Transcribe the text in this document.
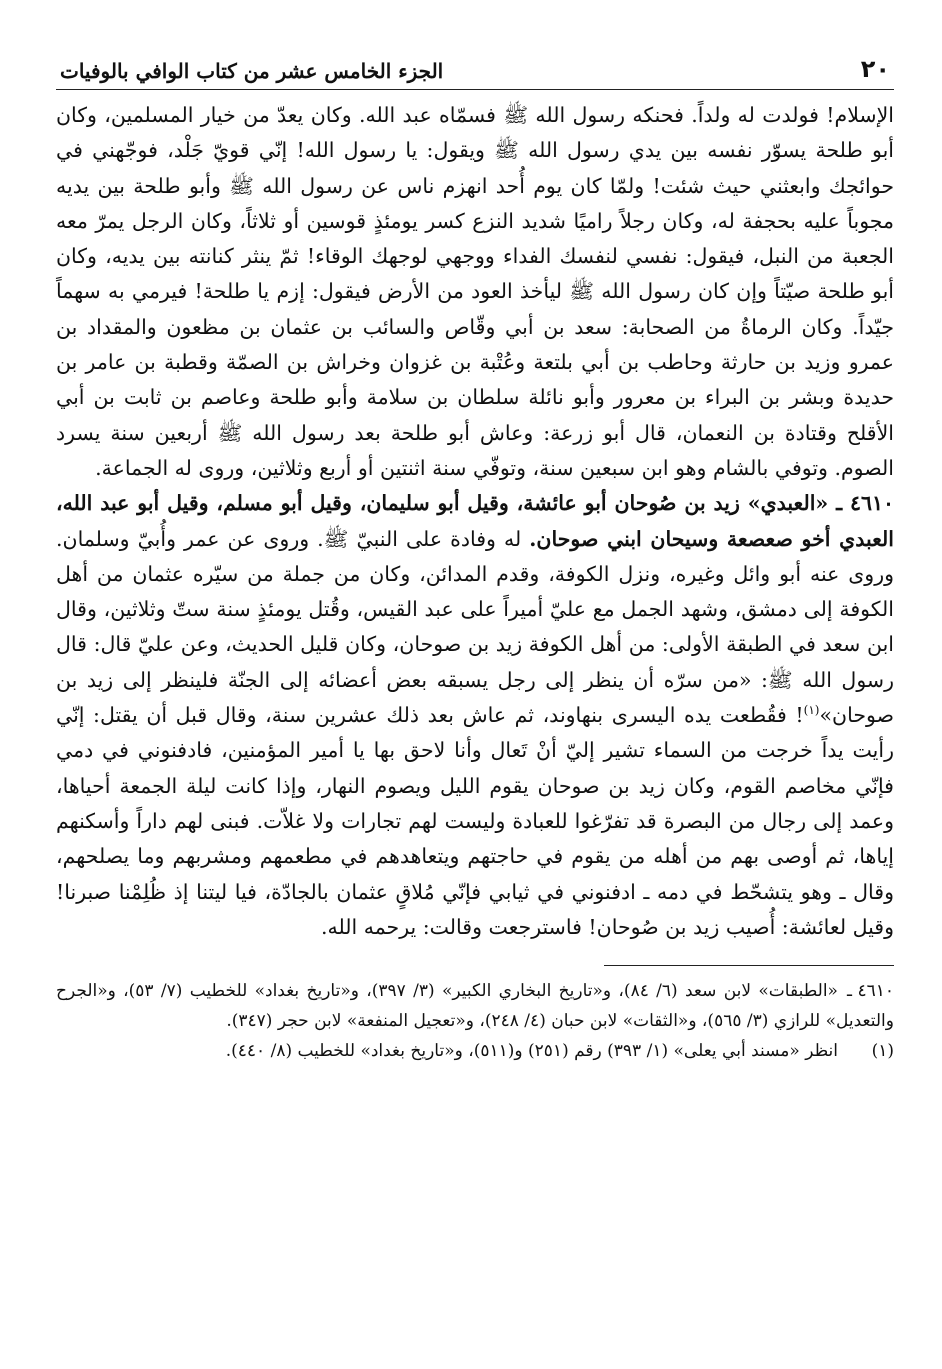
٢٠
الجزء الخامس عشر من كتاب الوافي بالوفيات

الإسلام! فولدت له ولداً. فحنكه رسول الله ﷺ فسمّاه عبد الله. وكان يعدّ من خيار المسلمين، وكان أبو طلحة يسوّر نفسه بين يدي رسول الله ﷺ ويقول: يا رسول الله! إنّي قويّ جَلْد، فوجّهني في حوائجك وابعثني حيث شئت! ولمّا كان يوم أُحد انهزم ناس عن رسول الله ﷺ وأبو طلحة بين يديه مجوباً عليه بحجفة له، وكان رجلاً راميًا شديد النزع كسر يومئذٍ قوسين أو ثلاثاً، وكان الرجل يمرّ معه الجعبة من النبل، فيقول: نفسي لنفسك الفداء ووجهي لوجهك الوقاء! ثمّ ينثر كنانته بين يديه، وكان أبو طلحة صيّتاً وإن كان رسول الله ﷺ ليأخذ العود من الأرض فيقول: إزم يا طلحة! فيرمي به سهماً جيّداً. وكان الرماةُ من الصحابة: سعد بن أبي وقّاص والسائب بن عثمان بن مظعون والمقداد بن عمرو وزيد بن حارثة وحاطب بن أبي بلتعة وعُتْبة بن غزوان وخراش بن الصمّة وقطبة بن عامر بن حديدة وبشر بن البراء بن معرور وأبو نائلة سلطان بن سلامة وأبو طلحة وعاصم بن ثابت بن أبي الأقلح وقتادة بن النعمان، قال أبو زرعة: وعاش أبو طلحة بعد رسول الله ﷺ أربعين سنة يسرد الصوم. وتوفي بالشام وهو ابن سبعين سنة، وتوفّي سنة اثنتين أو أربع وثلاثين، وروى له الجماعة.

٤٦١٠ ـ «العبدي» زيد بن صُوحان أبو عائشة، وقيل أبو سليمان، وقيل أبو مسلم، وقيل أبو عبد الله، العبدي أخو صعصعة وسيحان ابني صوحان. له وفادة على النبيّ ﷺ. وروى عن عمر وأُبيّ وسلمان. وروى عنه أبو وائل وغيره، ونزل الكوفة، وقدم المدائن، وكان من جملة من سيّره عثمان من أهل الكوفة إلى دمشق، وشهد الجمل مع عليّ أميراً على عبد القيس، وقُتل يومئذٍ سنة ستّ وثلاثين، وقال ابن سعد في الطبقة الأولى: من أهل الكوفة زيد بن صوحان، وكان قليل الحديث، وعن عليّ قال: قال رسول الله ﷺ: «من سرّه أن ينظر إلى رجل يسبقه بعض أعضائه إلى الجنّة فلينظر إلى زيد بن صوحان»$^{(١)}$! فقُطعت يده اليسرى بنهاوند، ثم عاش بعد ذلك عشرين سنة، وقال قبل أن يقتل: إنّي رأيت يداً خرجت من السماء تشير إليّ أنْ تَعال وأنا لاحق بها يا أمير المؤمنين، فادفنوني في دمي فإنّي مخاصم القوم، وكان زيد بن صوحان يقوم الليل ويصوم النهار، وإذا كانت ليلة الجمعة أحياها، وعمد إلى رجال من البصرة قد تفرّغوا للعبادة وليست لهم تجارات ولا غلاّت. فبنى لهم داراً وأسكنهم إياها، ثم أوصى بهم من أهله من يقوم في حاجتهم ويتعاهدهم في مطعمهم ومشربهم وما يصلحهم، وقال ـ وهو يتشحّط في دمه ـ ادفنوني في ثيابي فإنّي مُلاقٍ عثمان بالجادّة، فيا ليتنا إذ ظُلِمْنا صبرنا! وقيل لعائشة: أُصيب زيد بن صُوحان! فاسترجعت وقالت: يرحمه الله.

٤٦١٠ ـ«الطبقات» لابن سعد (٦/ ٨٤)، و«تاريخ البخاري الكبير» (٣/ ٣٩٧)، و«تاريخ بغداد» للخطيب (٧/ ٥٣)، و«الجرح والتعديل» للرازي (٣/ ٥٦٥)، و«الثقات» لابن حبان (٤/ ٢٤٨)، و«تعجيل المنفعة» لابن حجر (٣٤٧).

(١)انظر «مسند أبي يعلى» (١/ ٣٩٣) رقم (٢٥١) و(٥١١)، و«تاريخ بغداد» للخطيب (٨/ ٤٤٠).
